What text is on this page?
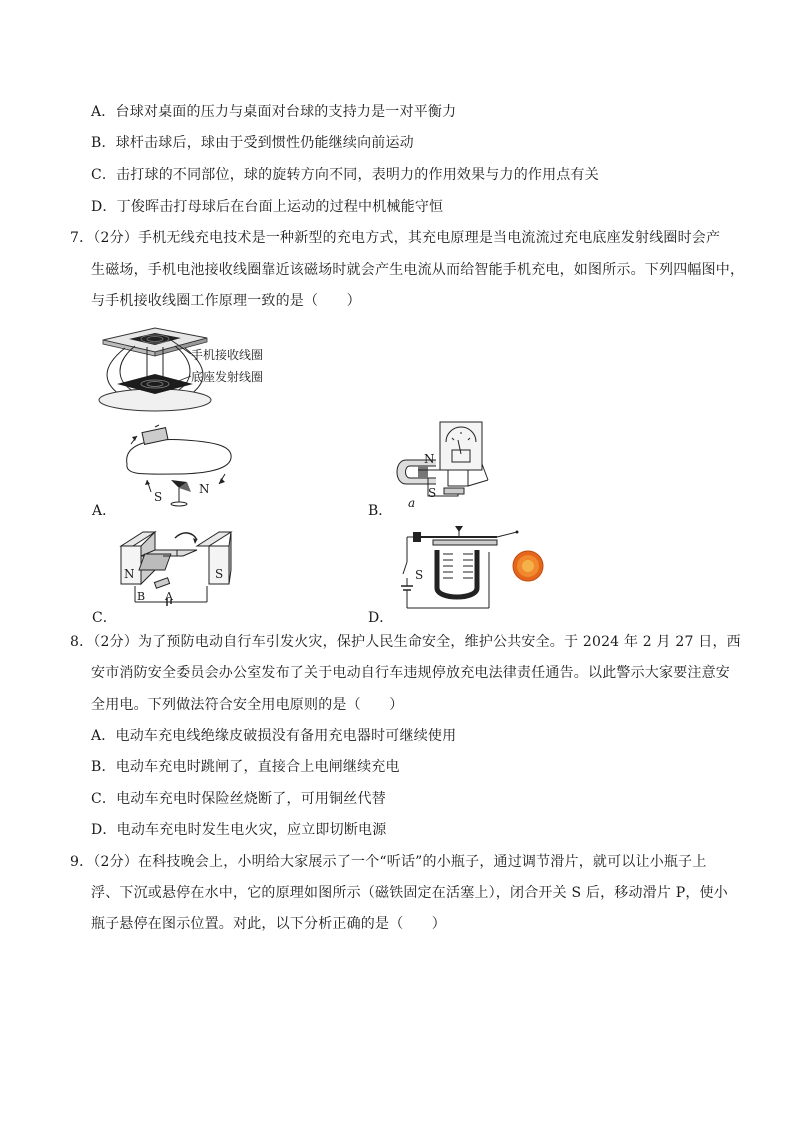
A．台球对桌面的压力与桌面对台球的支持力是一对平衡力
B．球杆击球后，球由于受到惯性仍能继续向前运动
C．击打球的不同部位，球的旋转方向不同，表明力的作用效果与力的作用点有关
D．丁俊晖击打母球后在台面上运动的过程中机械能守恒
7．（2分）手机无线充电技术是一种新型的充电方式，其充电原理是当电流流过充电底座发射线圈时会产
生磁场，手机电池接收线圈靠近该磁场时就会产生电流从而给智能手机充电，如图所示。下列四幅图中，
与手机接收线圈工作原理一致的是（　　）
手机接收线圈
底座发射线圈
S
N
A．
N
S
a
B．
N	S
B A
C．
S
D．
8．（2分）为了预防电动自行车引发火灾，保护人民生命安全，维护公共安全。于 2024 年 2 月 27 日，西
安市消防安全委员会办公室发布了关于电动自行车违规停放充电法律责任通告。以此警示大家要注意安
全用电。下列做法符合安全用电原则的是（　　）
A．电动车充电线绝缘皮破损没有备用充电器时可继续使用
B．电动车充电时跳闸了，直接合上电闸继续充电
C．电动车充电时保险丝烧断了，可用铜丝代替
D．电动车充电时发生电火灾，应立即切断电源
9．（2分）在科技晚会上，小明给大家展示了一个“听话”的小瓶子，通过调节滑片，就可以让小瓶子上
浮、下沉或悬停在水中，它的原理如图所示（磁铁固定在活塞上），闭合开关 S 后，移动滑片 P，使小
瓶子悬停在图示位置。对此，以下分析正确的是（　　）
